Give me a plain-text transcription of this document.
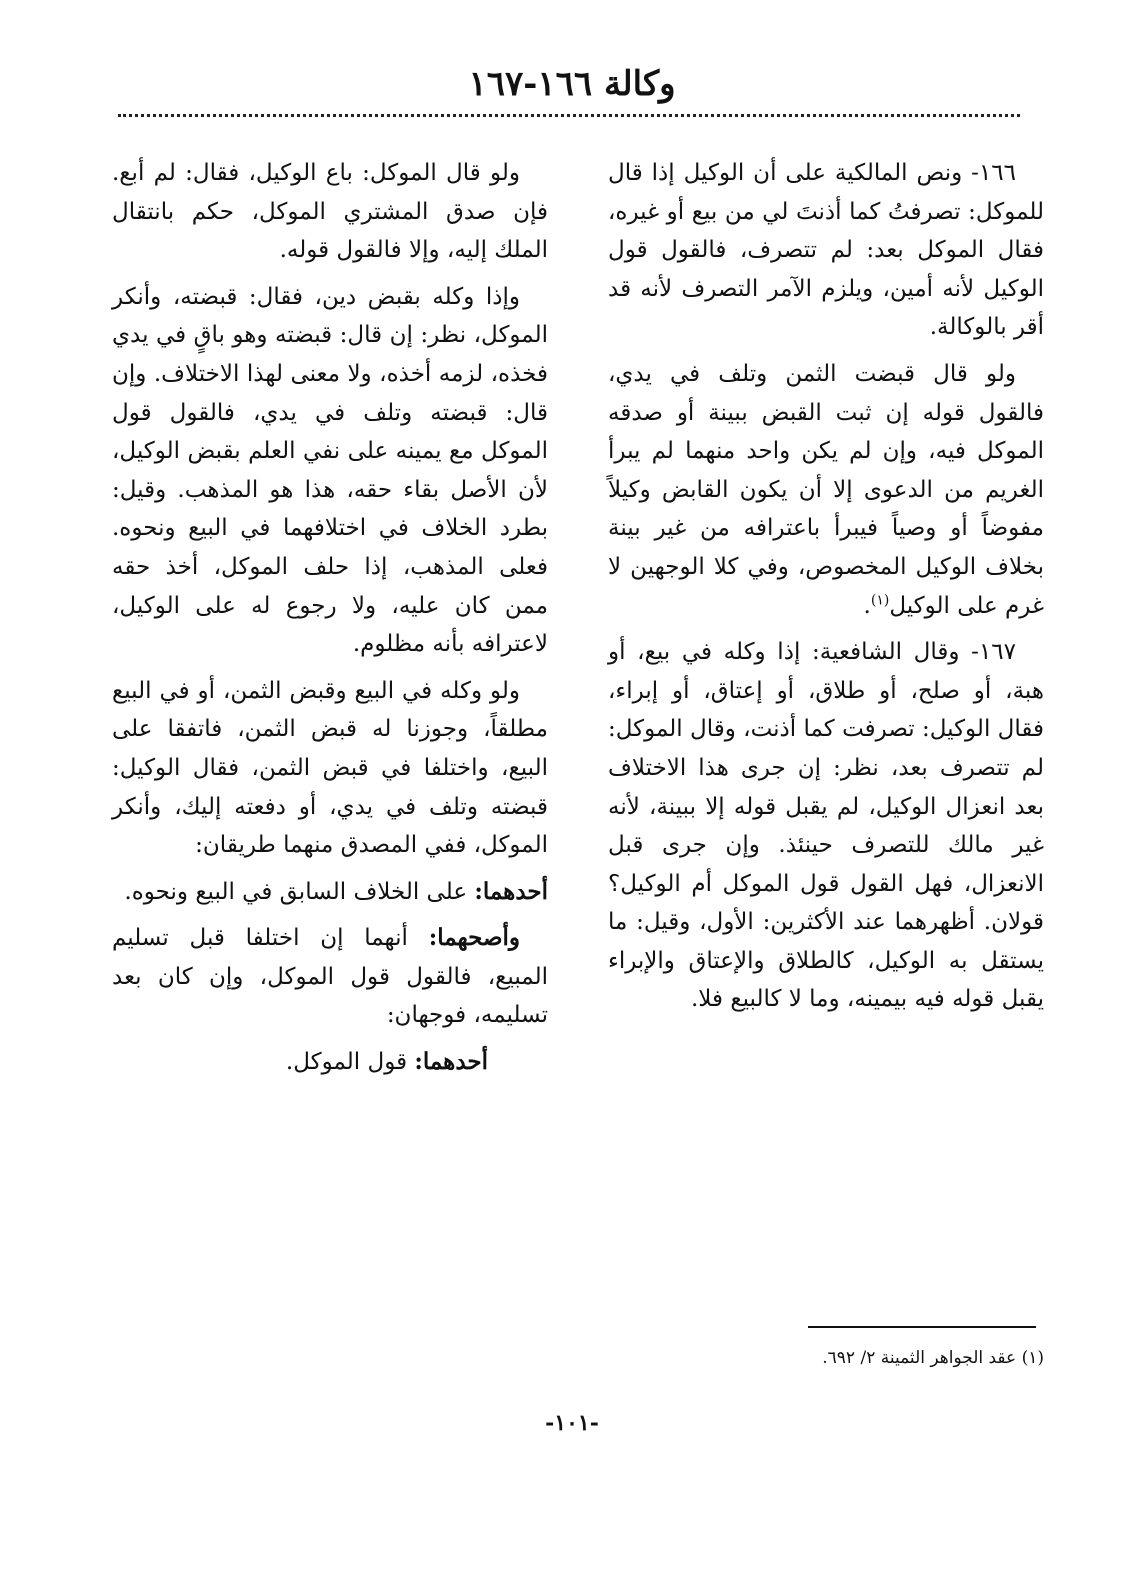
وكالة ١٦٦-١٦٧

١٦٦- ونص المالكية على أن الوكيل إذا قال للموكل: تصرفتُ كما أذنتَ لي من بيع أو غيره، فقال الموكل بعد: لم تتصرف، فالقول قول الوكيل لأنه أمين، ويلزم الآمر التصرف لأنه قد أقر بالوكالة.

ولو قال قبضت الثمن وتلف في يدي، فالقول قوله إن ثبت القبض ببينة أو صدقه الموكل فيه، وإن لم يكن واحد منهما لم يبرأ الغريم من الدعوى إلا أن يكون القابض وكيلاً مفوضاً أو وصياً فيبرأ باعترافه من غير بينة بخلاف الوكيل المخصوص، وفي كلا الوجهين لا غرم على الوكيل$^{(١)}$.

١٦٧- وقال الشافعية: إذا وكله في بيع، أو هبة، أو صلح، أو طلاق، أو إعتاق، أو إبراء، فقال الوكيل: تصرفت كما أذنت، وقال الموكل: لم تتصرف بعد، نظر: إن جرى هذا الاختلاف بعد انعزال الوكيل، لم يقبل قوله إلا ببينة، لأنه غير مالك للتصرف حينئذ. وإن جرى قبل الانعزال، فهل القول قول الموكل أم الوكيل؟ قولان. أظهرهما عند الأكثرين: الأول، وقيل: ما يستقل به الوكيل، كالطلاق والإعتاق والإبراء يقبل قوله فيه بيمينه، وما لا كالبيع فلا.

ولو قال الموكل: باع الوكيل، فقال: لم أبع. فإن صدق المشتري الموكل، حكم بانتقال الملك إليه، وإلا فالقول قوله.

وإذا وكله بقبض دين، فقال: قبضته، وأنكر الموكل، نظر: إن قال: قبضته وهو باقٍ في يدي فخذه، لزمه أخذه، ولا معنى لهذا الاختلاف. وإن قال: قبضته وتلف في يدي، فالقول قول الموكل مع يمينه على نفي العلم بقبض الوكيل، لأن الأصل بقاء حقه، هذا هو المذهب. وقيل: بطرد الخلاف في اختلافهما في البيع ونحوه. فعلى المذهب، إذا حلف الموكل، أخذ حقه ممن كان عليه، ولا رجوع له على الوكيل، لاعترافه بأنه مظلوم.

ولو وكله في البيع وقبض الثمن، أو في البيع مطلقاً، وجوزنا له قبض الثمن، فاتفقا على البيع، واختلفا في قبض الثمن، فقال الوكيل: قبضته وتلف في يدي، أو دفعته إليك، وأنكر الموكل، ففي المصدق منهما طريقان:

أحدهما: على الخلاف السابق في البيع ونحوه.

وأصحهما: أنهما إن اختلفا قبل تسليم المبيع، فالقول قول الموكل، وإن كان بعد تسليمه، فوجهان:

أحدهما: قول الموكل.

(١) عقد الجواهر الثمينة ٢/ ٦٩٢.

-١٠١-
